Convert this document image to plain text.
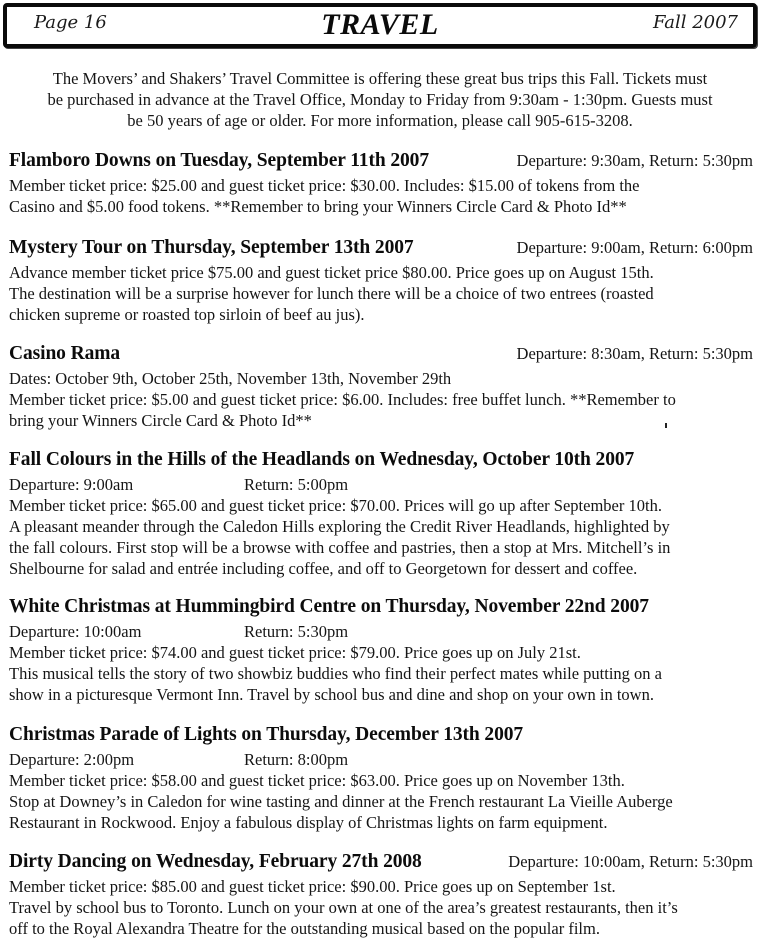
Page 16	TRAVEL	Fall 2007
The Movers’ and Shakers’ Travel Committee is offering these great bus trips this Fall. Tickets must
be purchased in advance at the Travel Office, Monday to Friday from 9:30am - 1:30pm. Guests must
be 50 years of age or older. For more information, please call 905-615-3208.
Flamboro Downs on Tuesday, September 11th 2007	Departure: 9:30am, Return: 5:30pm
Member ticket price: $25.00 and guest ticket price: $30.00. Includes: $15.00 of tokens from the
Casino and $5.00 food tokens. **Remember to bring your Winners Circle Card & Photo Id**
Mystery Tour on Thursday, September 13th 2007	Departure: 9:00am, Return: 6:00pm
Advance member ticket price $75.00 and guest ticket price $80.00. Price goes up on August 15th.
The destination will be a surprise however for lunch there will be a choice of two entrees (roasted
chicken supreme or roasted top sirloin of beef au jus).
Casino Rama	Departure: 8:30am, Return: 5:30pm
Dates: October 9th, October 25th, November 13th, November 29th
Member ticket price: $5.00 and guest ticket price: $6.00. Includes: free buffet lunch. **Remember to
bring your Winners Circle Card & Photo Id**
Fall Colours in the Hills of the Headlands on Wednesday, October 10th 2007
Departure: 9:00am	Return: 5:00pm
Member ticket price: $65.00 and guest ticket price: $70.00. Prices will go up after September 10th.
A pleasant meander through the Caledon Hills exploring the Credit River Headlands, highlighted by
the fall colours. First stop will be a browse with coffee and pastries, then a stop at Mrs. Mitchell’s in
Shelbourne for salad and entrée including coffee, and off to Georgetown for dessert and coffee.
White Christmas at Hummingbird Centre on Thursday, November 22nd 2007
Departure: 10:00am	Return: 5:30pm
Member ticket price: $74.00 and guest ticket price: $79.00. Price goes up on July 21st.
This musical tells the story of two showbiz buddies who find their perfect mates while putting on a
show in a picturesque Vermont Inn. Travel by school bus and dine and shop on your own in town.
Christmas Parade of Lights on Thursday, December 13th 2007
Departure: 2:00pm	Return: 8:00pm
Member ticket price: $58.00 and guest ticket price: $63.00. Price goes up on November 13th.
Stop at Downey’s in Caledon for wine tasting and dinner at the French restaurant La Vieille Auberge
Restaurant in Rockwood. Enjoy a fabulous display of Christmas lights on farm equipment.
Dirty Dancing on Wednesday, February 27th 2008	Departure: 10:00am, Return: 5:30pm
Member ticket price: $85.00 and guest ticket price: $90.00. Price goes up on September 1st.
Travel by school bus to Toronto. Lunch on your own at one of the area’s greatest restaurants, then it’s
off to the Royal Alexandra Theatre for the outstanding musical based on the popular film.
